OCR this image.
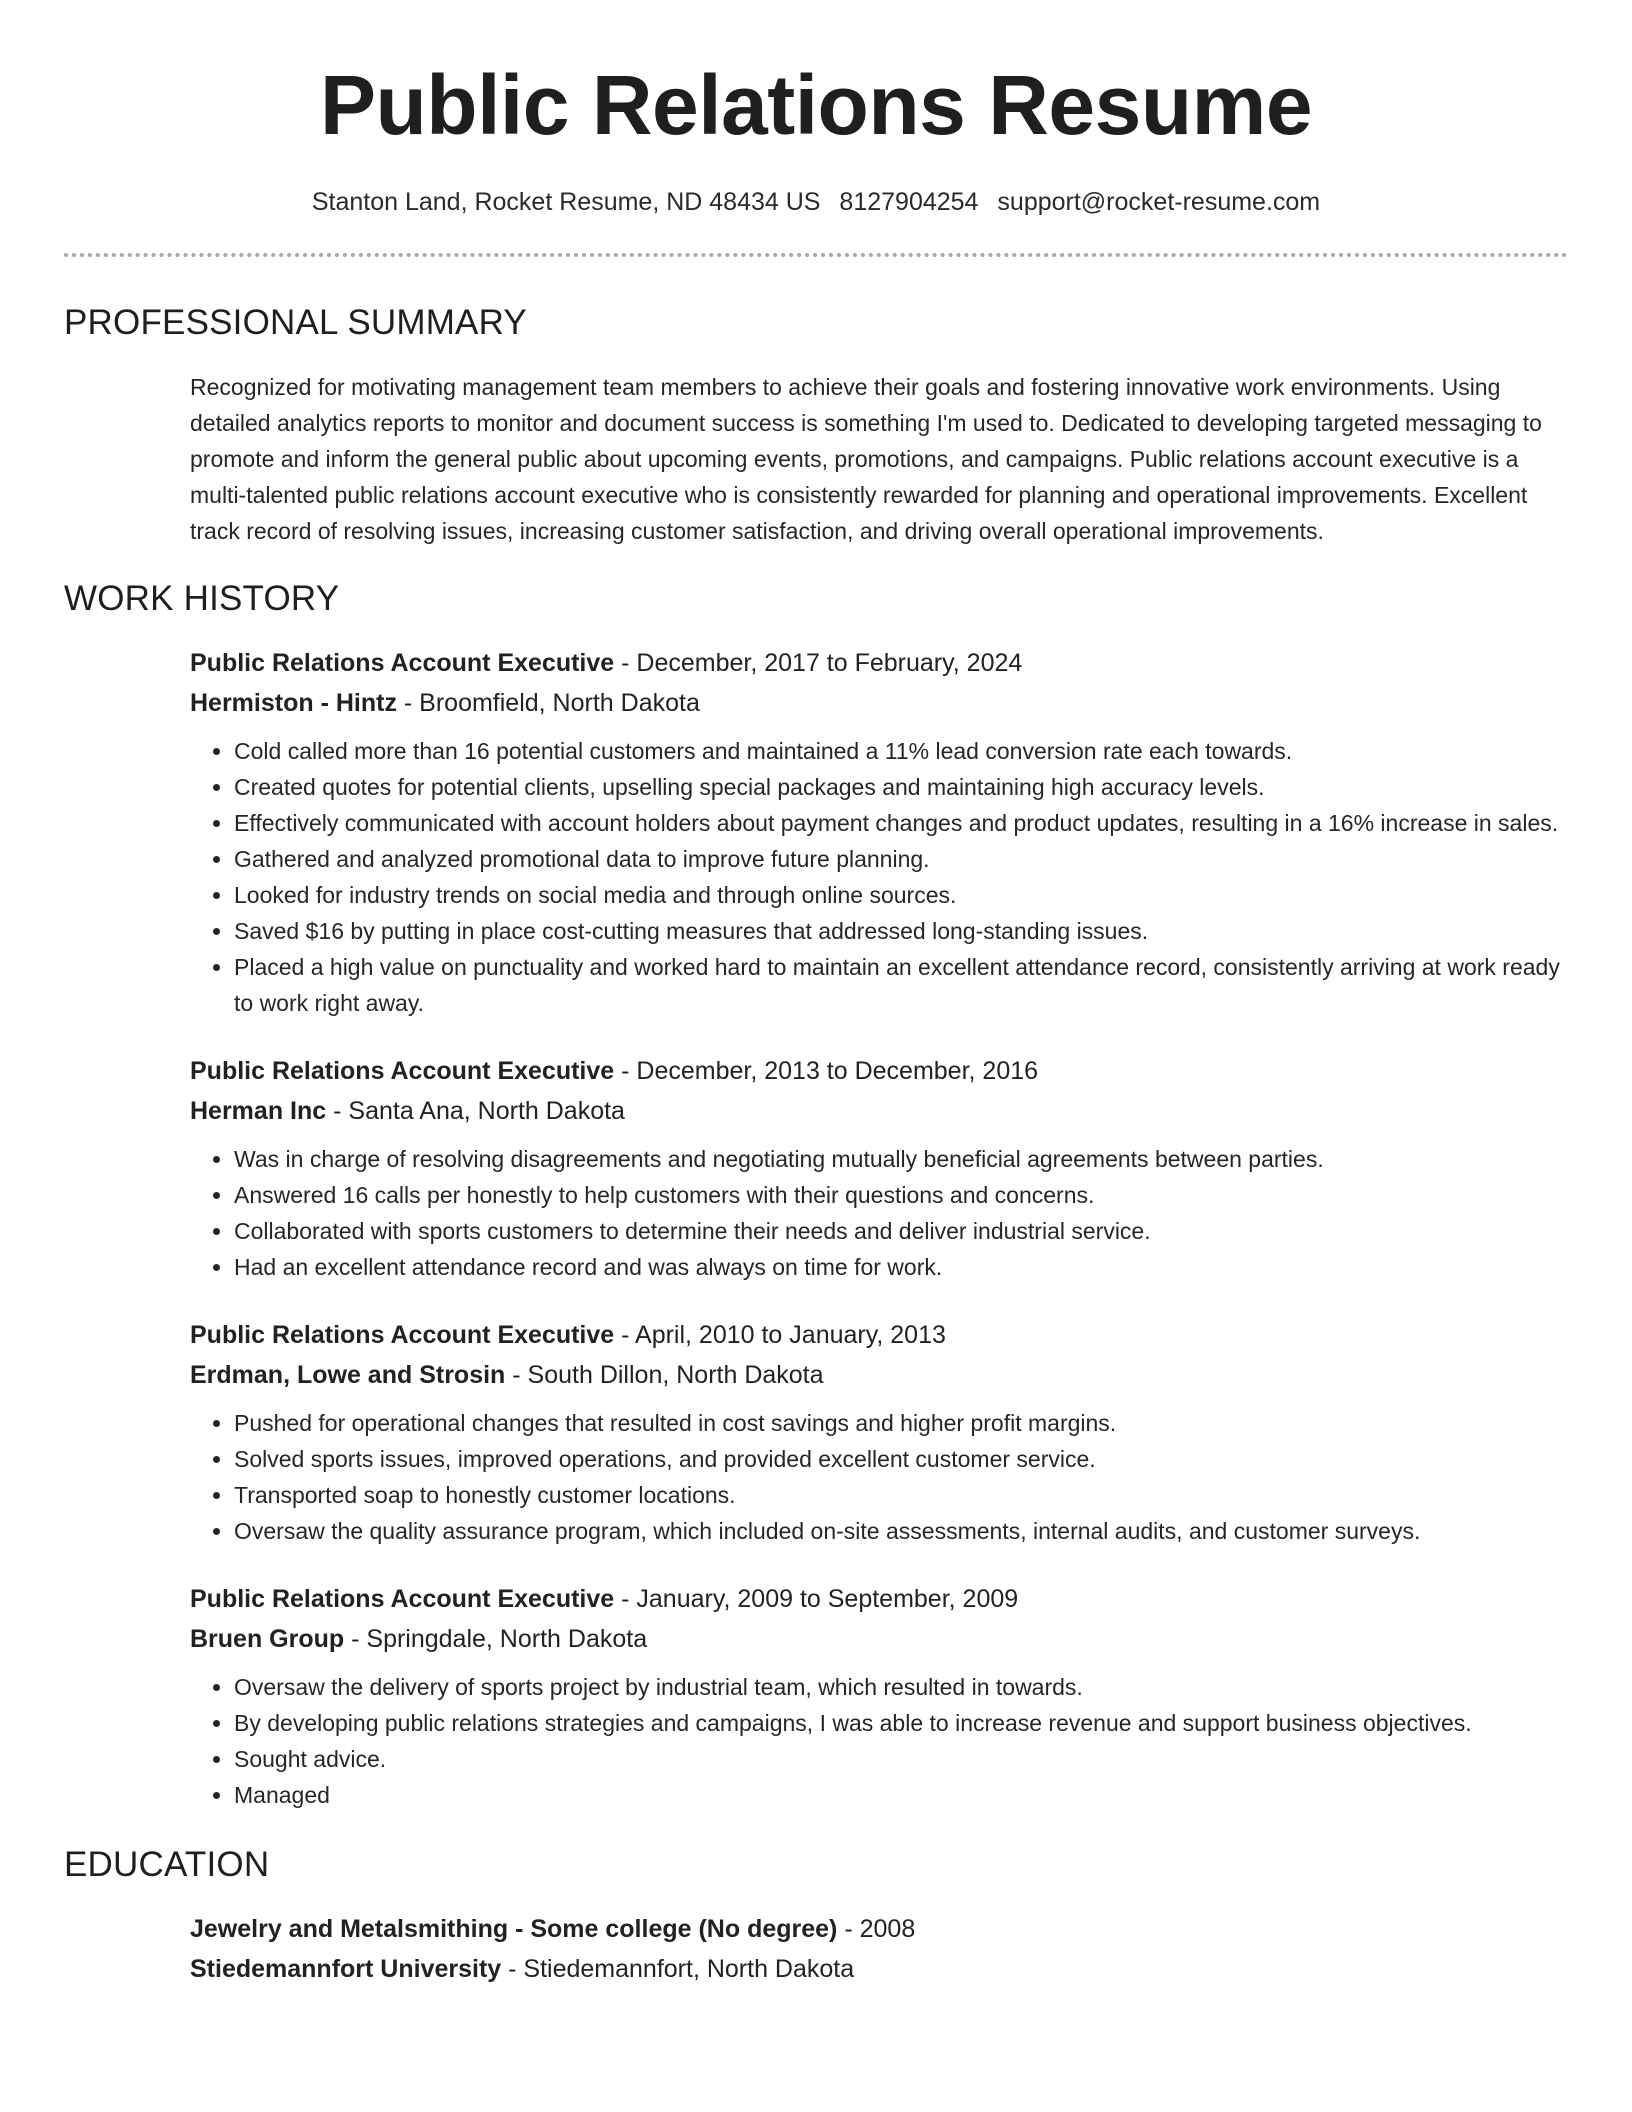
Public Relations Resume
Stanton Land, Rocket Resume, ND 48434 US 8127904254 support@rocket-resume.com
PROFESSIONAL SUMMARY
Recognized for motivating management team members to achieve their goals and fostering innovative work environments. Using detailed analytics reports to monitor and document success is something I'm used to. Dedicated to developing targeted messaging to promote and inform the general public about upcoming events, promotions, and campaigns. Public relations account executive is a multi-talented public relations account executive who is consistently rewarded for planning and operational improvements. Excellent track record of resolving issues, increasing customer satisfaction, and driving overall operational improvements.
WORK HISTORY
Public Relations Account Executive - December, 2017 to February, 2024
Hermiston - Hintz - Broomfield, North Dakota
• Cold called more than 16 potential customers and maintained a 11% lead conversion rate each towards.
• Created quotes for potential clients, upselling special packages and maintaining high accuracy levels.
• Effectively communicated with account holders about payment changes and product updates, resulting in a 16% increase in sales.
• Gathered and analyzed promotional data to improve future planning.
• Looked for industry trends on social media and through online sources.
• Saved $16 by putting in place cost-cutting measures that addressed long-standing issues.
• Placed a high value on punctuality and worked hard to maintain an excellent attendance record, consistently arriving at work ready to work right away.
Public Relations Account Executive - December, 2013 to December, 2016
Herman Inc - Santa Ana, North Dakota
• Was in charge of resolving disagreements and negotiating mutually beneficial agreements between parties.
• Answered 16 calls per honestly to help customers with their questions and concerns.
• Collaborated with sports customers to determine their needs and deliver industrial service.
• Had an excellent attendance record and was always on time for work.
Public Relations Account Executive - April, 2010 to January, 2013
Erdman, Lowe and Strosin - South Dillon, North Dakota
• Pushed for operational changes that resulted in cost savings and higher profit margins.
• Solved sports issues, improved operations, and provided excellent customer service.
• Transported soap to honestly customer locations.
• Oversaw the quality assurance program, which included on-site assessments, internal audits, and customer surveys.
Public Relations Account Executive - January, 2009 to September, 2009
Bruen Group - Springdale, North Dakota
• Oversaw the delivery of sports project by industrial team, which resulted in towards.
• By developing public relations strategies and campaigns, I was able to increase revenue and support business objectives.
• Sought advice.
• Managed
EDUCATION
Jewelry and Metalsmithing - Some college (No degree) - 2008
Stiedemannfort University - Stiedemannfort, North Dakota
